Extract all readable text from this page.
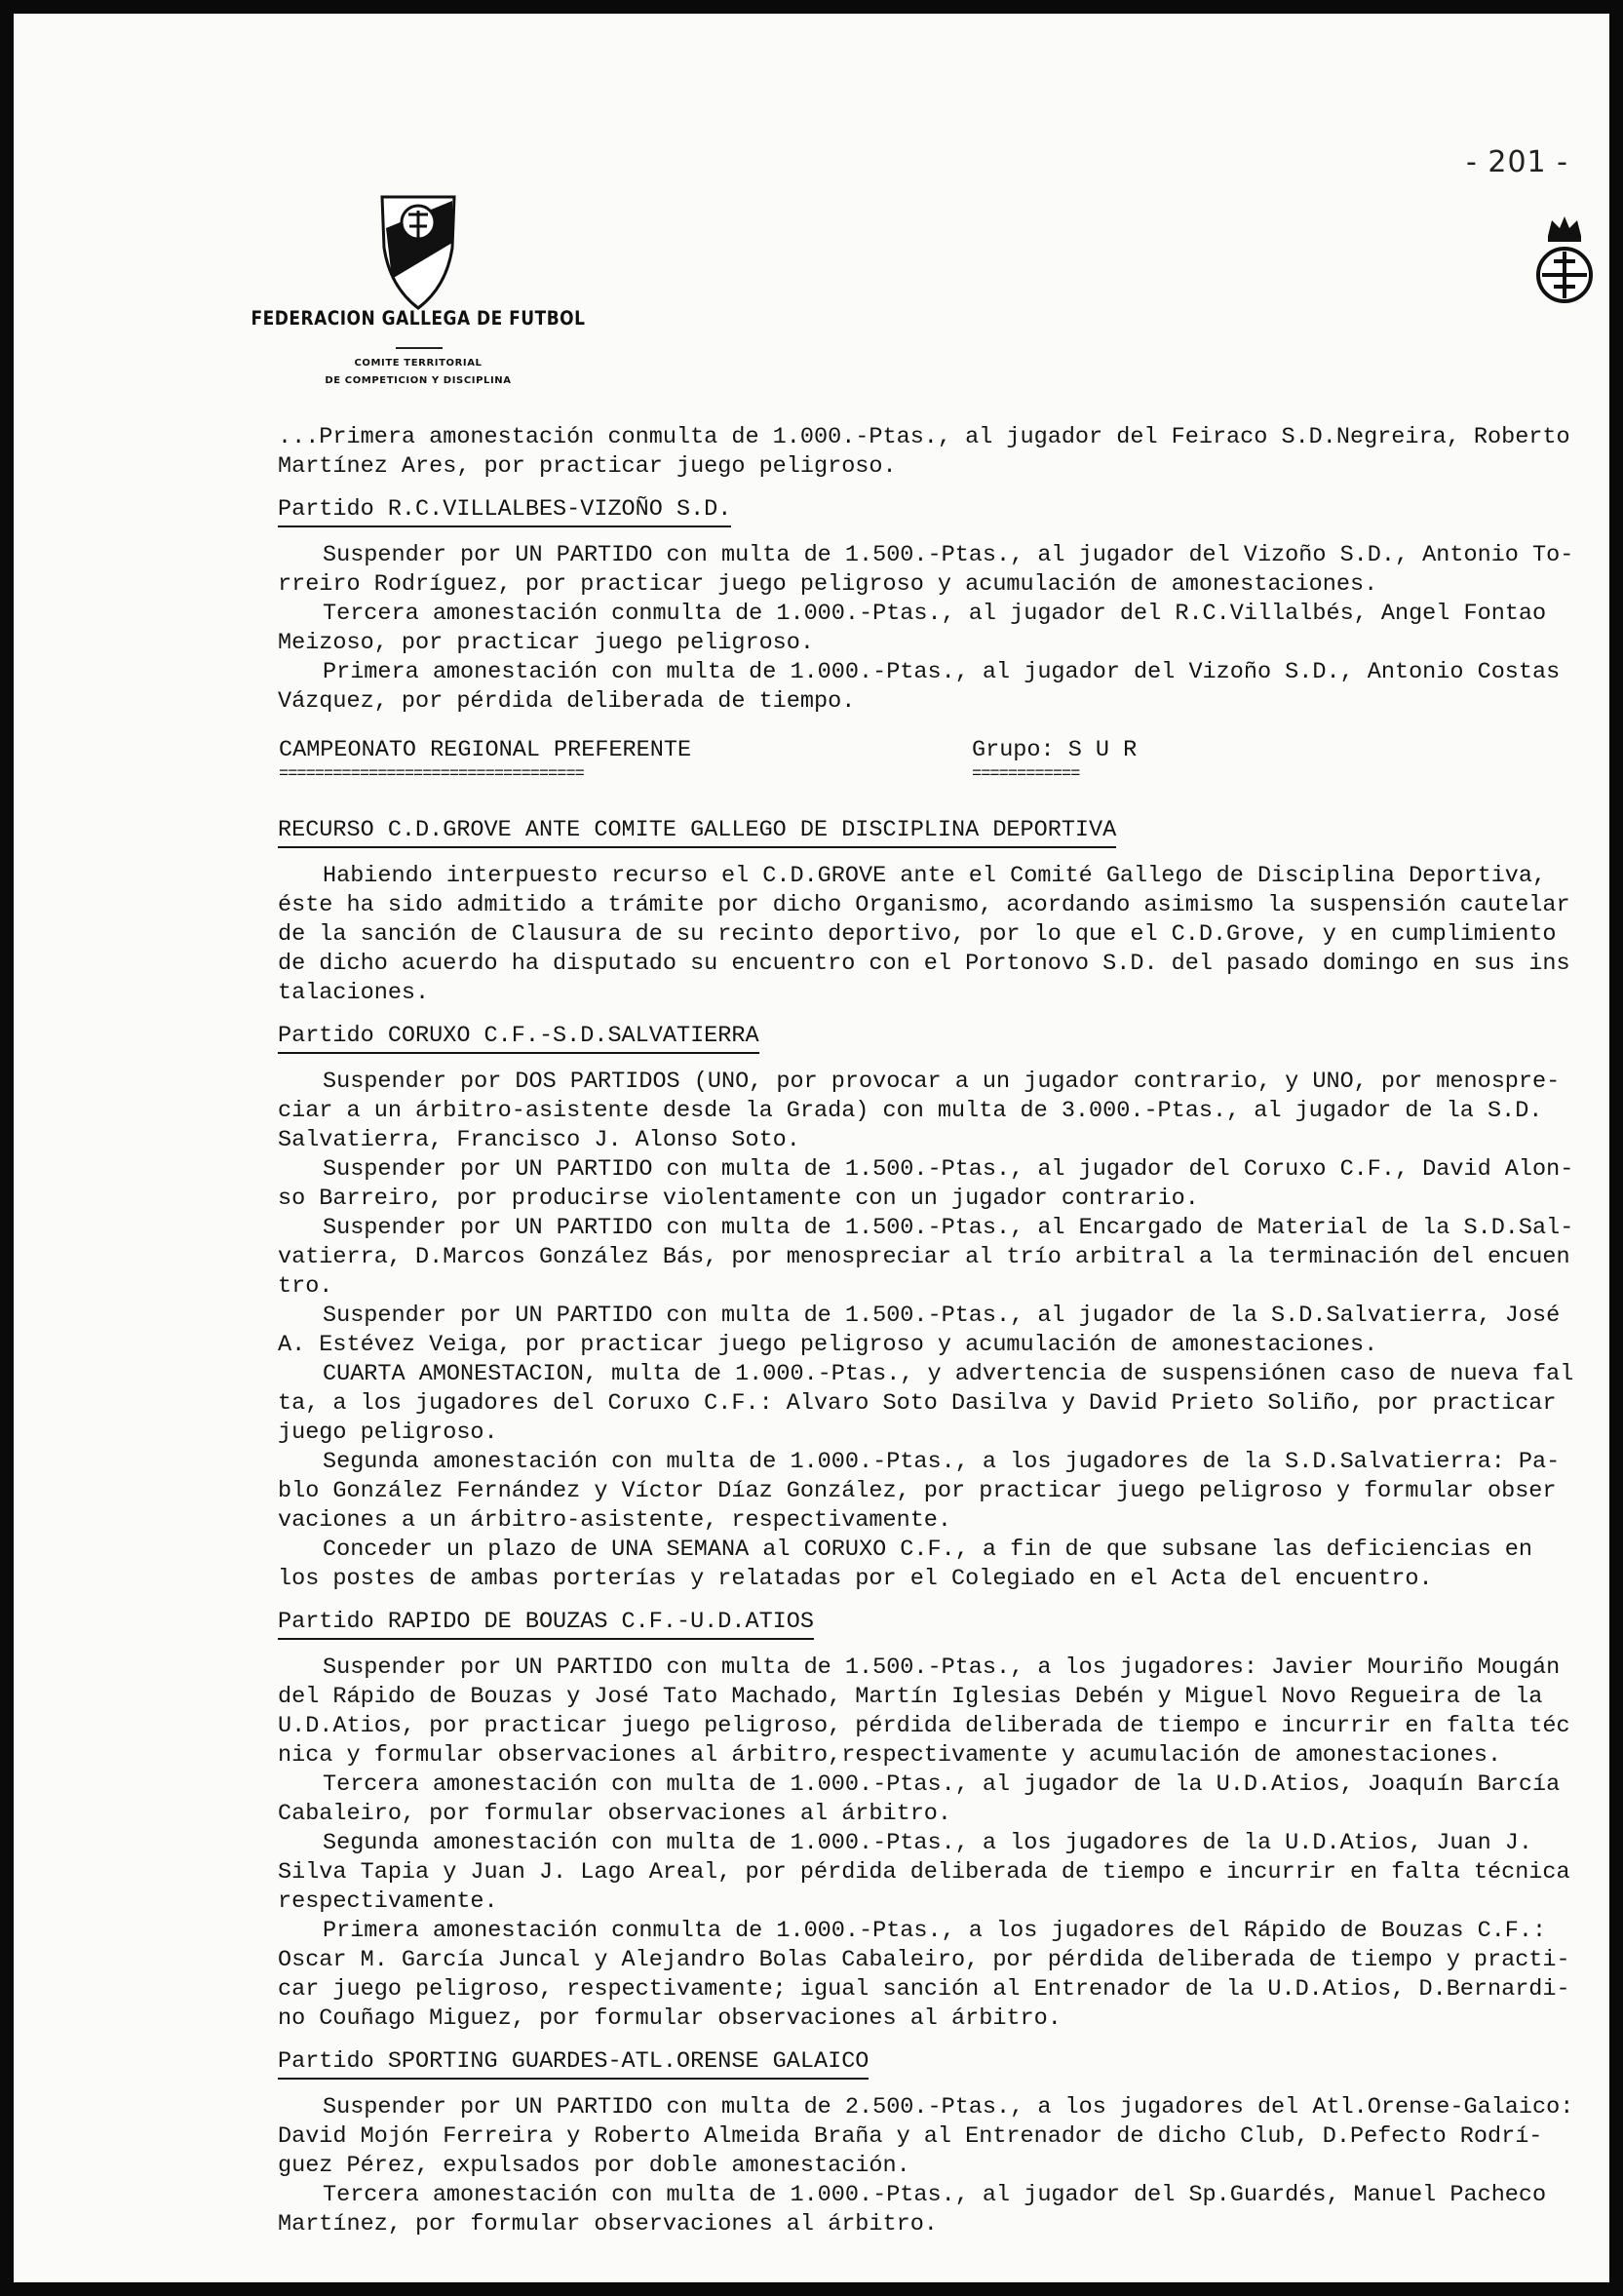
- 201 -
FEDERACION GALLEGA DE FUTBOL
COMITE TERRITORIAL
DE COMPETICION Y DISCIPLINA
...Primera amonestación conmulta de 1.000.-Ptas., al jugador del Feiraco S.D.Negreira, Roberto
Martínez Ares, por practicar juego peligroso.
Partido R.C.VILLALBES-VIZOÑO S.D.
Suspender por UN PARTIDO con multa de 1.500.-Ptas., al jugador del Vizoño S.D., Antonio To-
rreiro Rodríguez, por practicar juego peligroso y acumulación de amonestaciones.
Tercera amonestación conmulta de 1.000.-Ptas., al jugador del R.C.Villalbés, Angel Fontao
Meizoso, por practicar juego peligroso.
Primera amonestación con multa de 1.000.-Ptas., al jugador del Vizoño S.D., Antonio Costas
Vázquez, por pérdida deliberada de tiempo.
CAMPEONATO REGIONAL PREFERENTE
==================================
Grupo: S U R
============
RECURSO C.D.GROVE ANTE COMITE GALLEGO DE DISCIPLINA DEPORTIVA
Habiendo interpuesto recurso el C.D.GROVE ante el Comité Gallego de Disciplina Deportiva,
éste ha sido admitido a trámite por dicho Organismo, acordando asimismo la suspensión cautelar
de la sanción de Clausura de su recinto deportivo, por lo que el C.D.Grove, y en cumplimiento
de dicho acuerdo ha disputado su encuentro con el Portonovo S.D. del pasado domingo en sus ins
talaciones.
Partido CORUXO C.F.-S.D.SALVATIERRA
Suspender por DOS PARTIDOS (UNO, por provocar a un jugador contrario, y UNO, por menospre-
ciar a un árbitro-asistente desde la Grada) con multa de 3.000.-Ptas., al jugador de la S.D.
Salvatierra, Francisco J. Alonso Soto.
Suspender por UN PARTIDO con multa de 1.500.-Ptas., al jugador del Coruxo C.F., David Alon-
so Barreiro, por producirse violentamente con un jugador contrario.
Suspender por UN PARTIDO con multa de 1.500.-Ptas., al Encargado de Material de la S.D.Sal-
vatierra, D.Marcos González Bás, por menospreciar al trío arbitral a la terminación del encuen
tro.
Suspender por UN PARTIDO con multa de 1.500.-Ptas., al jugador de la S.D.Salvatierra, José
A. Estévez Veiga, por practicar juego peligroso y acumulación de amonestaciones.
CUARTA AMONESTACION, multa de 1.000.-Ptas., y advertencia de suspensiónen caso de nueva fal
ta, a los jugadores del Coruxo C.F.: Alvaro Soto Dasilva y David Prieto Soliño, por practicar
juego peligroso.
Segunda amonestación con multa de 1.000.-Ptas., a los jugadores de la S.D.Salvatierra: Pa-
blo González Fernández y Víctor Díaz González, por practicar juego peligroso y formular obser
vaciones a un árbitro-asistente, respectivamente.
Conceder un plazo de UNA SEMANA al CORUXO C.F., a fin de que subsane las deficiencias en
los postes de ambas porterías y relatadas por el Colegiado en el Acta del encuentro.
Partido RAPIDO DE BOUZAS C.F.-U.D.ATIOS
Suspender por UN PARTIDO con multa de 1.500.-Ptas., a los jugadores: Javier Mouriño Mougán
del Rápido de Bouzas y José Tato Machado, Martín Iglesias Debén y Miguel Novo Regueira de la
U.D.Atios, por practicar juego peligroso, pérdida deliberada de tiempo e incurrir en falta téc
nica y formular observaciones al árbitro,respectivamente y acumulación de amonestaciones.
Tercera amonestación con multa de 1.000.-Ptas., al jugador de la U.D.Atios, Joaquín Barcía
Cabaleiro, por formular observaciones al árbitro.
Segunda amonestación con multa de 1.000.-Ptas., a los jugadores de la U.D.Atios, Juan J.
Silva Tapia y Juan J. Lago Areal, por pérdida deliberada de tiempo e incurrir en falta técnica
respectivamente.
Primera amonestación conmulta de 1.000.-Ptas., a los jugadores del Rápido de Bouzas C.F.:
Oscar M. García Juncal y Alejandro Bolas Cabaleiro, por pérdida deliberada de tiempo y practi-
car juego peligroso, respectivamente; igual sanción al Entrenador de la U.D.Atios, D.Bernardi-
no Couñago Miguez, por formular observaciones al árbitro.
Partido SPORTING GUARDES-ATL.ORENSE GALAICO
Suspender por UN PARTIDO con multa de 2.500.-Ptas., a los jugadores del Atl.Orense-Galaico:
David Mojón Ferreira y Roberto Almeida Braña y al Entrenador de dicho Club, D.Pefecto Rodrí-
guez Pérez, expulsados por doble amonestación.
Tercera amonestación con multa de 1.000.-Ptas., al jugador del Sp.Guardés, Manuel Pacheco
Martínez, por formular observaciones al árbitro.
